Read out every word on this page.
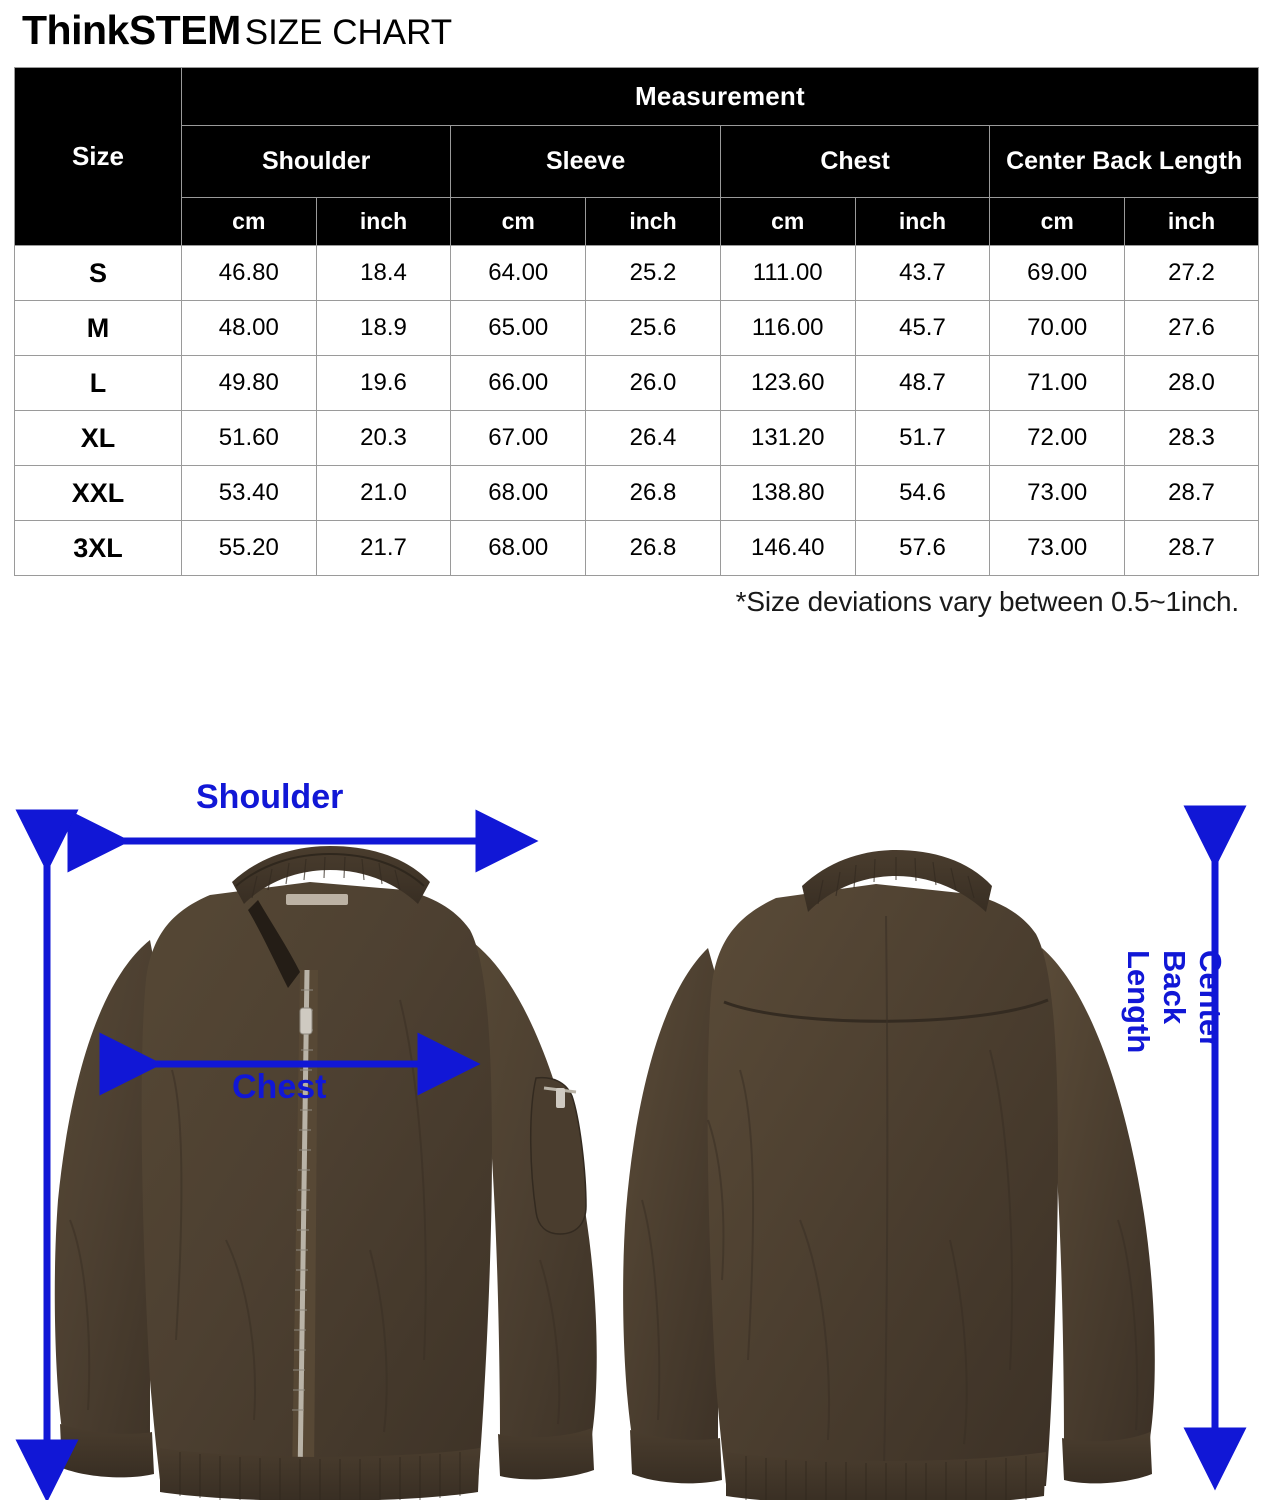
ThinkSTEM SIZE CHART
Size	Measurement							
	Shoulder		Sleeve		Chest		Center Back Length	
	cm	inch	cm	inch	cm	inch	cm	inch
S	46.80	18.4	64.00	25.2	111.00	43.7	69.00	27.2
M	48.00	18.9	65.00	25.6	116.00	45.7	70.00	27.6
L	49.80	19.6	66.00	26.0	123.60	48.7	71.00	28.0
XL	51.60	20.3	67.00	26.4	131.20	51.7	72.00	28.3
XXL	53.40	21.0	68.00	26.8	138.80	54.6	73.00	28.7
3XL	55.20	21.7	68.00	26.8	146.40	57.6	73.00	28.7
*Size deviations vary between 0.5~1inch.
Shoulder
Chest
Center Back Length
